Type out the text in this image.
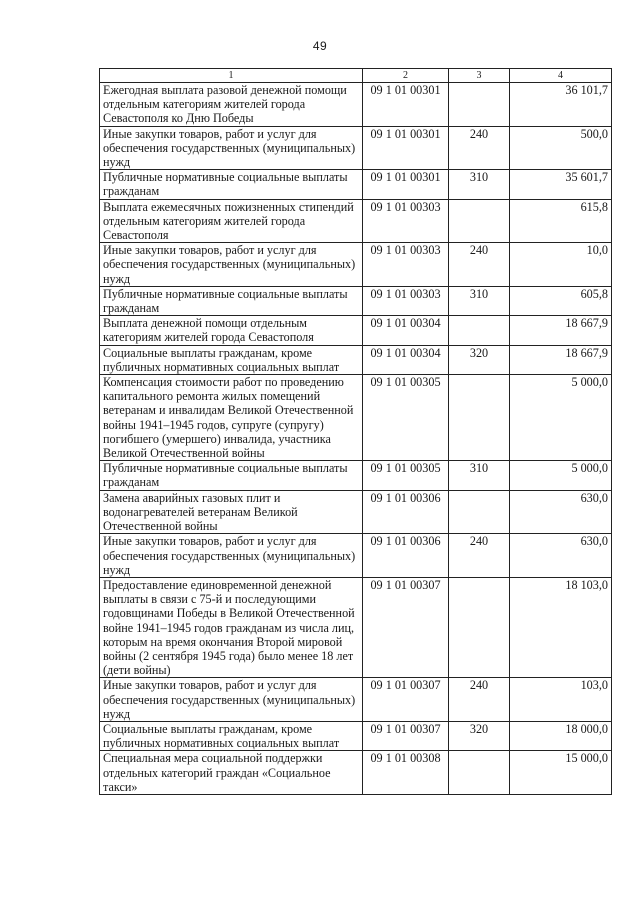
49
1	2	3	4
Ежегодная выплата разовой денежной помощи отдельным категориям жителей города Севастополя ко Дню Победы	09 1 01 00301		36 101,7
Иные закупки товаров, работ и услуг для обеспечения государственных (муниципальных) нужд	09 1 01 00301	240	500,0
Публичные нормативные социальные выплаты гражданам	09 1 01 00301	310	35 601,7
Выплата ежемесячных пожизненных стипендий отдельным категориям жителей города Севастополя	09 1 01 00303		615,8
Иные закупки товаров, работ и услуг для обеспечения государственных (муниципальных) нужд	09 1 01 00303	240	10,0
Публичные нормативные социальные выплаты гражданам	09 1 01 00303	310	605,8
Выплата денежной помощи отдельным категориям жителей города Севастополя	09 1 01 00304		18 667,9
Социальные выплаты гражданам, кроме публичных нормативных социальных выплат	09 1 01 00304	320	18 667,9
Компенсация стоимости работ по проведению капитального ремонта жилых помещений ветеранам и инвалидам Великой Отечественной войны 1941–1945 годов, супруге (супругу) погибшего (умершего) инвалида, участника Великой Отечественной войны	09 1 01 00305		5 000,0
Публичные нормативные социальные выплаты гражданам	09 1 01 00305	310	5 000,0
Замена аварийных газовых плит и водонагревателей ветеранам Великой Отечественной войны	09 1 01 00306		630,0
Иные закупки товаров, работ и услуг для обеспечения государственных (муниципальных) нужд	09 1 01 00306	240	630,0
Предоставление единовременной денежной выплаты в связи с 75-й и последующими годовщинами Победы в Великой Отечественной войне 1941–1945 годов гражданам из числа лиц, которым на время окончания Второй мировой войны (2 сентября 1945 года) было менее 18 лет (дети войны)	09 1 01 00307		18 103,0
Иные закупки товаров, работ и услуг для обеспечения государственных (муниципальных) нужд	09 1 01 00307	240	103,0
Социальные выплаты гражданам, кроме публичных нормативных социальных выплат	09 1 01 00307	320	18 000,0
Специальная мера социальной поддержки отдельных категорий граждан «Социальное такси»	09 1 01 00308		15 000,0
